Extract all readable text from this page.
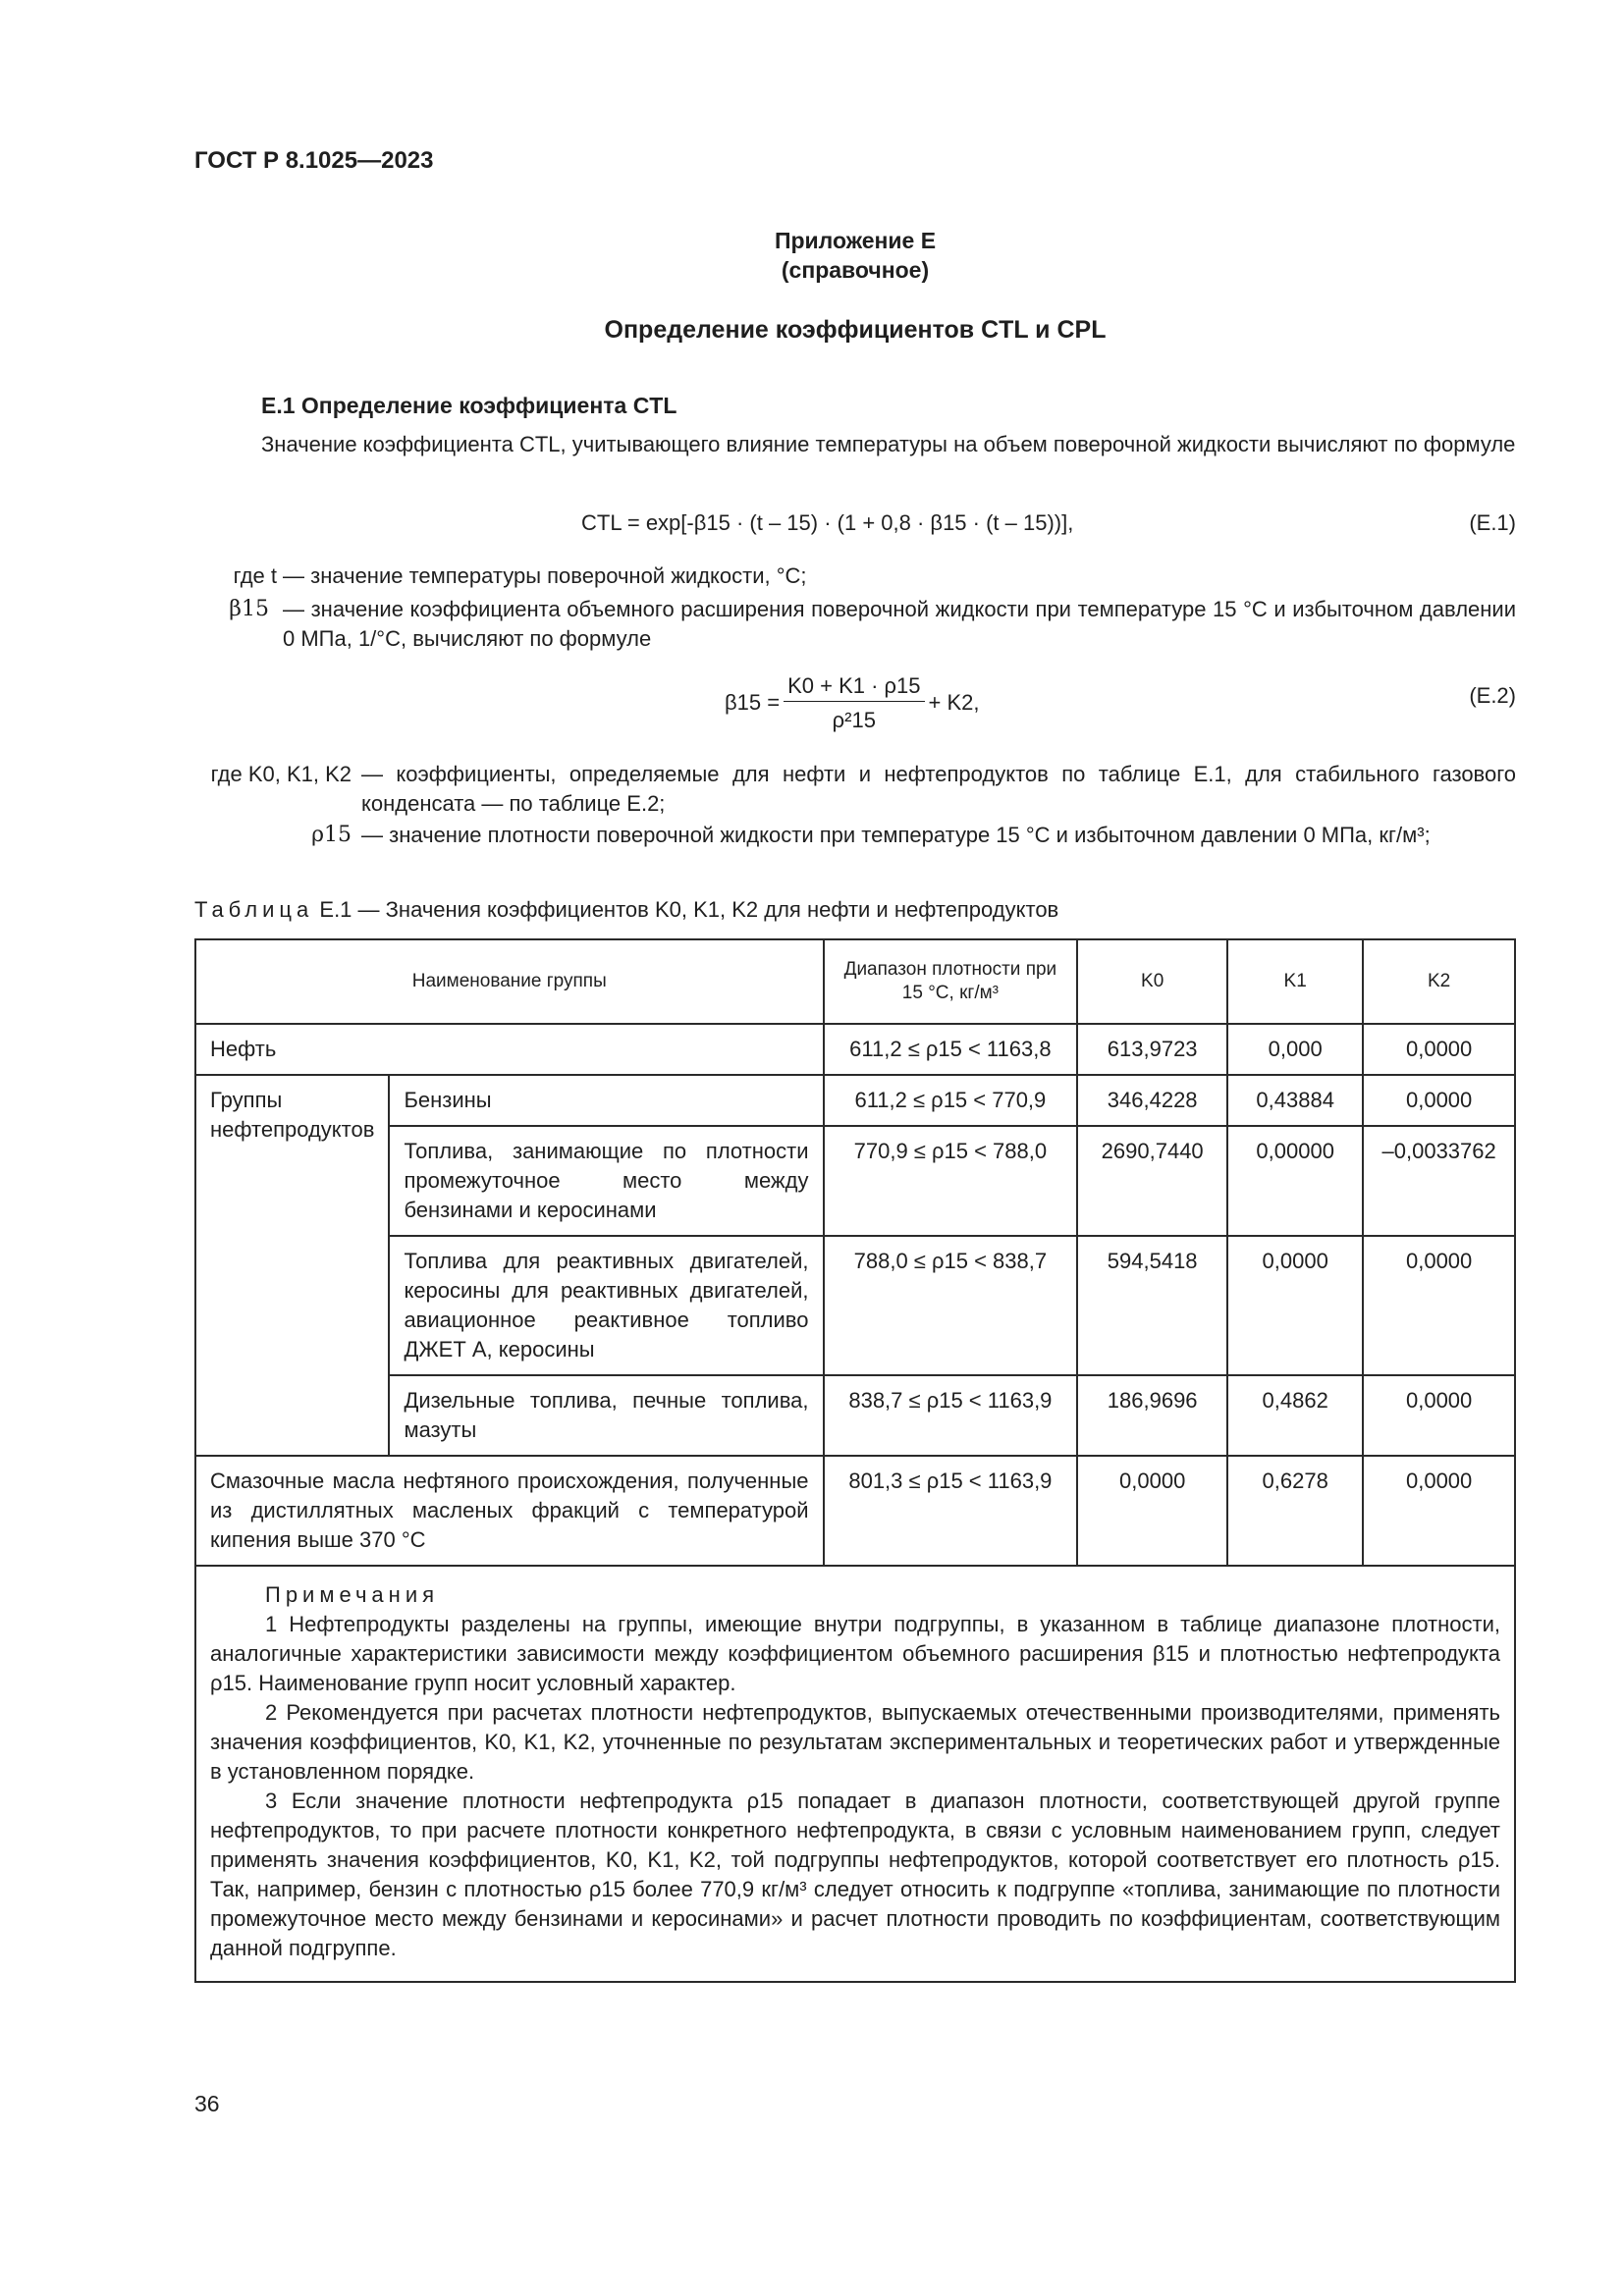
ГОСТ Р 8.1025—2023
Приложение Е
(справочное)
Определение коэффициентов CTL и CPL
Е.1 Определение коэффициента CTL
Значение коэффициента CTL, учитывающего влияние температуры на объем поверочной жидкости вычисляют по формуле
CTL = exp[-β15 · (t – 15) · (1 + 0,8 · β15 · (t – 15))],	(Е.1)
где t — значение температуры поверочной жидкости, °С;
β15 — значение коэффициента объемного расширения поверочной жидкости при температуре 15 °С и избыточном давлении 0 МПа, 1/°С, вычисляют по формуле
$\beta 15 = \frac{K0 + K1 \cdot \rho 15}{\text{ρ²15}} + K2$,	(Е.2)
где K0, K1, K2 — коэффициенты, определяемые для нефти и нефтепродуктов по таблице Е.1, для стабильного газового конденсата — по таблице Е.2;
ρ15 — значение плотности поверочной жидкости при температуре 15 °С и избыточном давлении 0 МПа, кг/м³;
Таблица Е.1 — Значения коэффициентов K0, K1, K2 для нефти и нефтепродуктов
Наименование группы		Диапазон плотности при 15 °С, кг/м³	K0	K1	K2
Нефть		611,2 ≤ ρ15 < 1163,8	613,9723	0,000	0,0000
Группы нефтепродуктов	Бензины	611,2 ≤ ρ15 < 770,9	346,4228	0,43884	0,0000
	Топлива, занимающие по плотности промежуточное место между бензинами и керосинами	770,9 ≤ ρ15 < 788,0	2690,7440	0,00000	–0,0033762
	Топлива для реактивных двигателей, керосины для реактивных двигателей, авиационное реактивное топливо ДЖЕТ А, керосины	788,0 ≤ ρ15 < 838,7	594,5418	0,0000	0,0000
	Дизельные топлива, печные топлива, мазуты	838,7 ≤ ρ15 < 1163,9	186,9696	0,4862	0,0000
Смазочные масла нефтяного происхождения, полученные из дистиллятных масленых фракций с температурой кипения выше 370 °С		801,3 ≤ ρ15 < 1163,9	0,0000	0,6278	0,0000

Примечания
1 Нефтепродукты разделены на группы, имеющие внутри подгруппы, в указанном в таблице диапазоне плотности, аналогичные характеристики зависимости между коэффициентом объемного расширения β15 и плотностью нефтепродукта ρ15. Наименование групп носит условный характер.
2 Рекомендуется при расчетах плотности нефтепродуктов, выпускаемых отечественными производителями, применять значения коэффициентов, K0, K1, K2, уточненные по результатам экспериментальных и теоретических работ и утвержденные в установленном порядке.
3 Если значение плотности нефтепродукта ρ15 попадает в диапазон плотности, соответствующей другой группе нефтепродуктов, то при расчете плотности конкретного нефтепродукта, в связи с условным наименованием групп, следует применять значения коэффициентов, K0, K1, K2, той подгруппы нефтепродуктов, которой соответствует его плотность ρ15. Так, например, бензин с плотностью ρ15 более 770,9 кг/м³ следует относить к подгруппе «топлива, занимающие по плотности промежуточное место между бензинами и керосинами» и расчет плотности проводить по коэффициентам, соответствующим данной подгруппе.					
36
